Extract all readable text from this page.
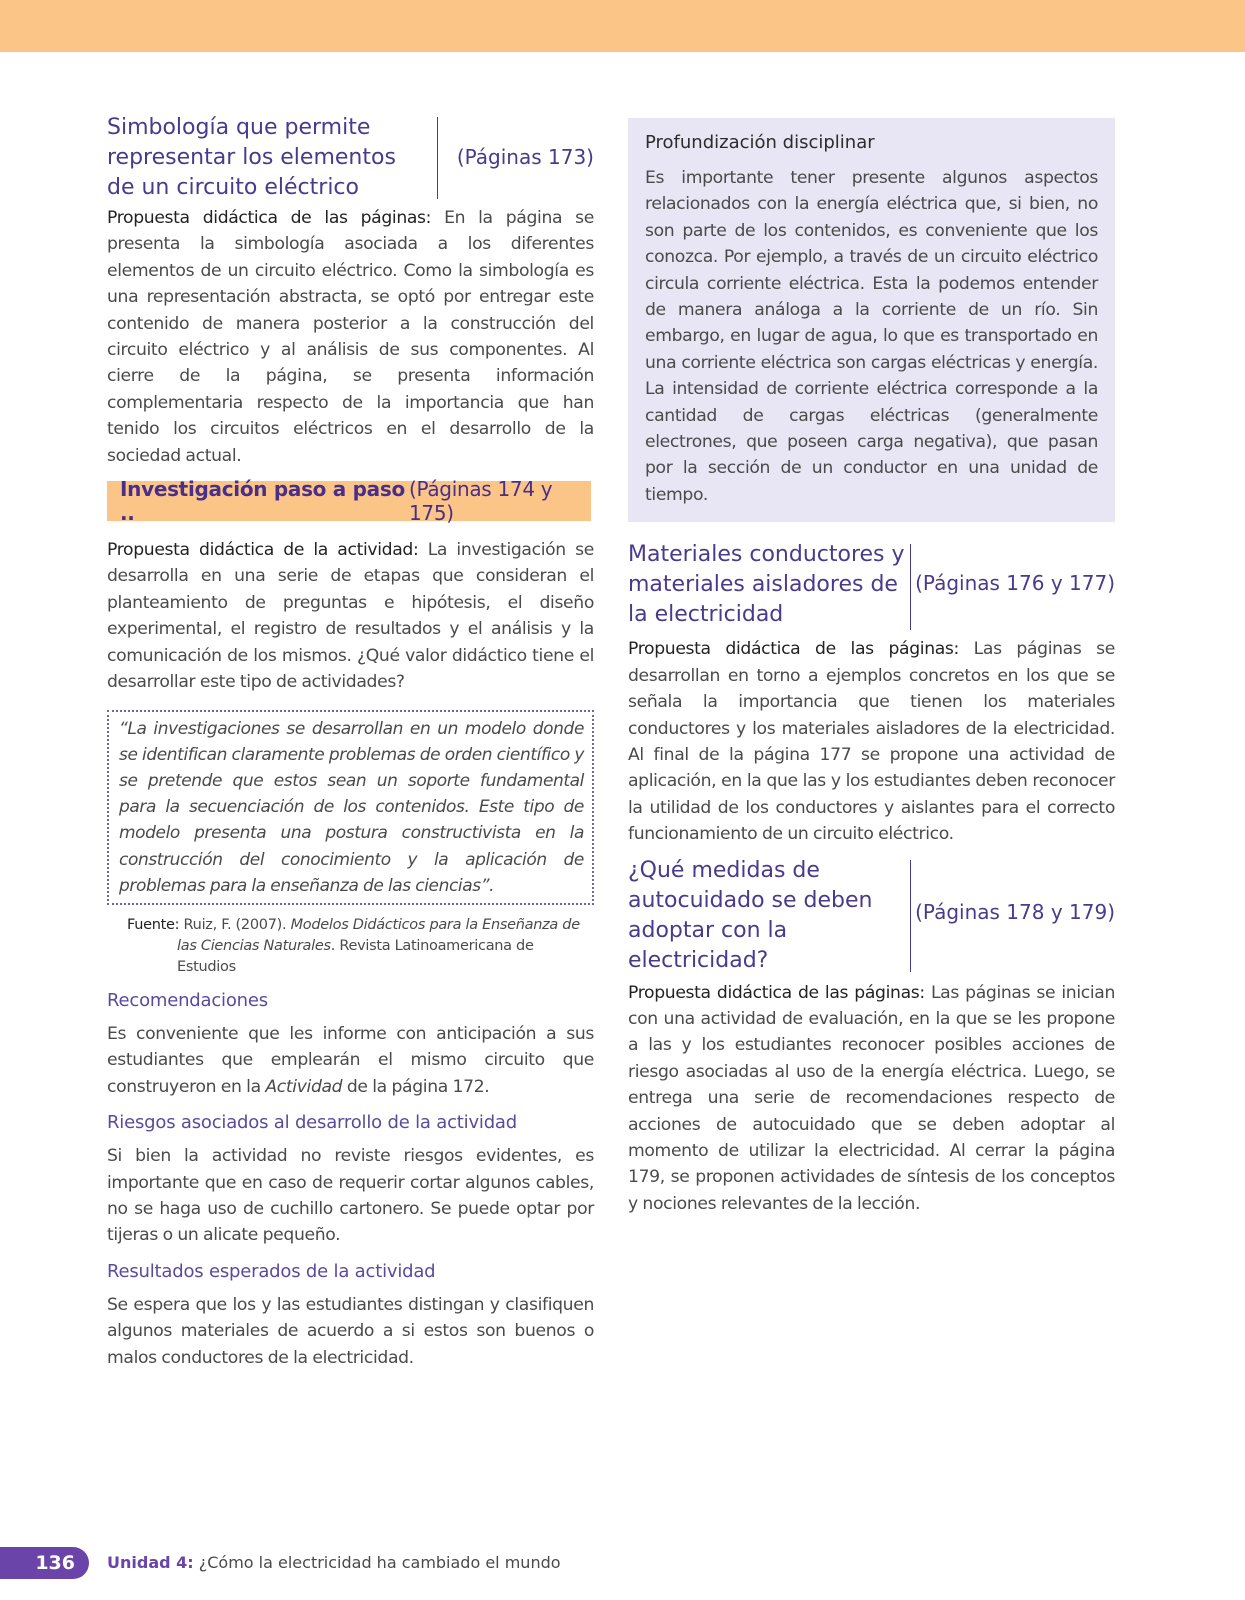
Simbología que permite representar los elementos de un circuito eléctrico
(Páginas 173)

Propuesta didáctica de las páginas: En la página se presenta la simbología asociada a los diferentes elementos de un circuito eléctrico. Como la simbología es una representación abstracta, se optó por entregar este contenido de manera posterior a la construcción del circuito eléctrico y al análisis de sus componentes. Al cierre de la página, se presenta información complementaria respecto de la importancia que han tenido los circuitos eléctricos en el desarrollo de la sociedad actual.

Investigación paso a paso ..
(Páginas 174 y 175)

Propuesta didáctica de la actividad: La investigación se desarrolla en una serie de etapas que consideran el planteamiento de preguntas e hipótesis, el diseño experimental, el registro de resultados y el análisis y la comunicación de los mismos. ¿Qué valor didáctico tiene el desarrollar este tipo de actividades?

“La investigaciones se desarrollan en un modelo donde se identifican claramente problemas de orden científico y se pretende que estos sean un soporte fundamental para la secuenciación de los contenidos. Este tipo de modelo presenta una postura constructivista en la construcción del conocimiento y la aplicación de problemas para la enseñanza de las ciencias”.

Fuente: Ruiz, F. (2007). Modelos Didácticos para la Enseñanza de
las Ciencias Naturales. Revista Latinoamericana de Estudios
Recomendaciones

Es conveniente que les informe con anticipación a sus estudiantes que emplearán el mismo circuito que construyeron en la Actividad de la página 172.

Riesgos asociados al desarrollo de la actividad

Si bien la actividad no reviste riesgos evidentes, es importante que en caso de requerir cortar algunos cables, no se haga uso de cuchillo cartonero. Se puede optar por tijeras o un alicate pequeño.

Resultados esperados de la actividad

Se espera que los y las estudiantes distingan y clasifiquen algunos materiales de acuerdo a si estos son buenos o malos conductores de la electricidad.

Profundización disciplinar

Es importante tener presente algunos aspectos relacionados con la energía eléctrica que, si bien, no son parte de los contenidos, es conveniente que los conozca. Por ejemplo, a través de un circuito eléctrico circula corriente eléctrica. Esta la podemos entender de manera análoga a la corriente de un río. Sin embargo, en lugar de agua, lo que es transportado en una corriente eléctrica son cargas eléctricas y energía. La intensidad de corriente eléctrica corresponde a la cantidad de cargas eléctricas (generalmente electrones, que poseen carga negativa), que pasan por la sección de un conductor en una unidad de tiempo.

Materiales conductores y materiales aisladores de la electricidad
(Páginas 176 y 177)

Propuesta didáctica de las páginas: Las páginas se desarrollan en torno a ejemplos concretos en los que se señala la importancia que tienen los materiales conductores y los materiales aisladores de la electricidad. Al final de la página 177 se propone una actividad de aplicación, en la que las y los estudiantes deben reconocer la utilidad de los conductores y aislantes para el correcto funcionamiento de un circuito eléctrico.

¿Qué medidas de autocuidado se deben adoptar con la electricidad?
(Páginas 178 y 179)

Propuesta didáctica de las páginas: Las páginas se inician con una actividad de evaluación, en la que se les propone a las y los estudiantes reconocer posibles acciones de riesgo asociadas al uso de la energía eléctrica. Luego, se entrega una serie de recomendaciones respecto de acciones de autocuidado que se deben adoptar al momento de utilizar la electricidad. Al cerrar la página 179, se proponen actividades de síntesis de los conceptos y nociones relevantes de la lección.

136	Unidad 4: ¿Cómo la electricidad ha cambiado el mundo
